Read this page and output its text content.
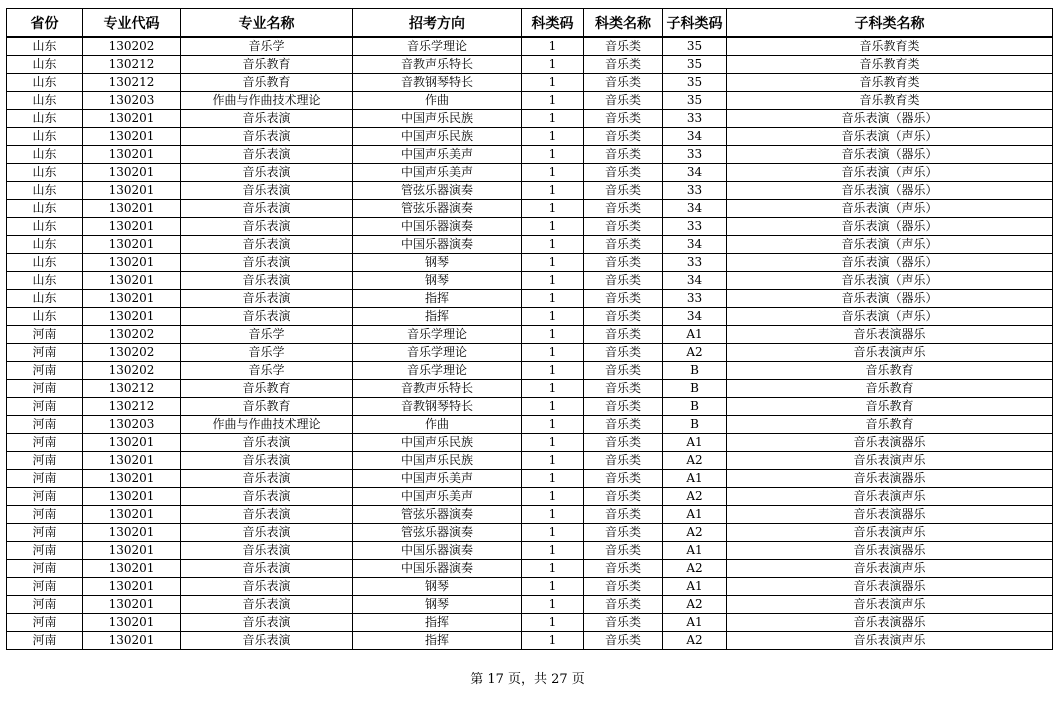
省份	专业代码	专业名称	招考方向	科类码	科类名称	子科类码	子科类名称
山东	130202	音乐学	音乐学理论	1	音乐类	35	音乐教育类
山东	130212	音乐教育	音教声乐特长	1	音乐类	35	音乐教育类
山东	130212	音乐教育	音教钢琴特长	1	音乐类	35	音乐教育类
山东	130203	作曲与作曲技术理论	作曲	1	音乐类	35	音乐教育类
山东	130201	音乐表演	中国声乐民族	1	音乐类	33	音乐表演（器乐）
山东	130201	音乐表演	中国声乐民族	1	音乐类	34	音乐表演（声乐）
山东	130201	音乐表演	中国声乐美声	1	音乐类	33	音乐表演（器乐）
山东	130201	音乐表演	中国声乐美声	1	音乐类	34	音乐表演（声乐）
山东	130201	音乐表演	管弦乐器演奏	1	音乐类	33	音乐表演（器乐）
山东	130201	音乐表演	管弦乐器演奏	1	音乐类	34	音乐表演（声乐）
山东	130201	音乐表演	中国乐器演奏	1	音乐类	33	音乐表演（器乐）
山东	130201	音乐表演	中国乐器演奏	1	音乐类	34	音乐表演（声乐）
山东	130201	音乐表演	钢琴	1	音乐类	33	音乐表演（器乐）
山东	130201	音乐表演	钢琴	1	音乐类	34	音乐表演（声乐）
山东	130201	音乐表演	指挥	1	音乐类	33	音乐表演（器乐）
山东	130201	音乐表演	指挥	1	音乐类	34	音乐表演（声乐）
河南	130202	音乐学	音乐学理论	1	音乐类	A1	音乐表演器乐
河南	130202	音乐学	音乐学理论	1	音乐类	A2	音乐表演声乐
河南	130202	音乐学	音乐学理论	1	音乐类	B	音乐教育
河南	130212	音乐教育	音教声乐特长	1	音乐类	B	音乐教育
河南	130212	音乐教育	音教钢琴特长	1	音乐类	B	音乐教育
河南	130203	作曲与作曲技术理论	作曲	1	音乐类	B	音乐教育
河南	130201	音乐表演	中国声乐民族	1	音乐类	A1	音乐表演器乐
河南	130201	音乐表演	中国声乐民族	1	音乐类	A2	音乐表演声乐
河南	130201	音乐表演	中国声乐美声	1	音乐类	A1	音乐表演器乐
河南	130201	音乐表演	中国声乐美声	1	音乐类	A2	音乐表演声乐
河南	130201	音乐表演	管弦乐器演奏	1	音乐类	A1	音乐表演器乐
河南	130201	音乐表演	管弦乐器演奏	1	音乐类	A2	音乐表演声乐
河南	130201	音乐表演	中国乐器演奏	1	音乐类	A1	音乐表演器乐
河南	130201	音乐表演	中国乐器演奏	1	音乐类	A2	音乐表演声乐
河南	130201	音乐表演	钢琴	1	音乐类	A1	音乐表演器乐
河南	130201	音乐表演	钢琴	1	音乐类	A2	音乐表演声乐
河南	130201	音乐表演	指挥	1	音乐类	A1	音乐表演器乐
河南	130201	音乐表演	指挥	1	音乐类	A2	音乐表演声乐
第 17 页，共 27 页
